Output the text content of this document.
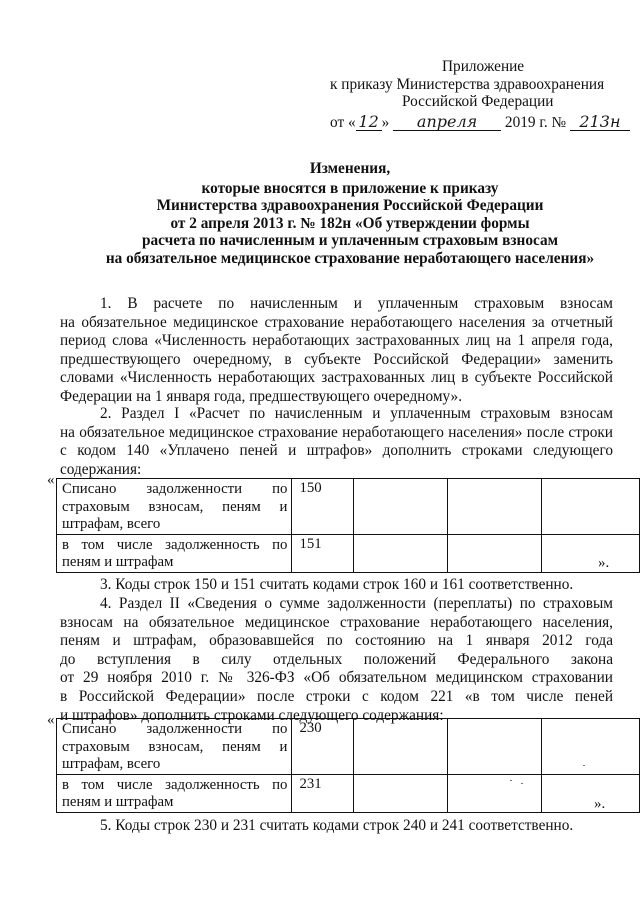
Приложение
к приказу Министерства здравоохранения
Российской Федерации
от « 12 » апреля 2019 г. № 213н
Изменения,
которые вносятся в приложение к приказу
Министерства здравоохранения Российской Федерации
от 2 апреля 2013 г. № 182н «Об утверждении формы
расчета по начисленным и уплаченным страховым взносам
на обязательное медицинское страхование неработающего населения»
1. В расчете по начисленным и уплаченным страховым взносам
на обязательное медицинское страхование неработающего населения за отчетный
период слова «Численность неработающих застрахованных лиц на 1 апреля года,
предшествующего очередному, в субъекте Российской Федерации» заменить
словами «Численность неработающих застрахованных лиц в субъекте Российской
Федерации на 1 января года, предшествующего очередному».
2. Раздел I «Расчет по начисленным и уплаченным страховым взносам
на обязательное медицинское страхование неработающего населения» после строки
с кодом 140 «Уплачено пеней и штрафов» дополнить строками следующего
содержания:
«
Списано задолженности по
страховым взносам, пеням и
штрафам, всего	150			

в том числе задолженность по
пеням и штрафам	151			
».
3. Коды строк 150 и 151 считать кодами строк 160 и 161 соответственно.
4. Раздел II «Сведения о сумме задолженности (переплаты) по страховым
взносам на обязательное медицинское страхование неработающего населения,
пеням и штрафам, образовавшейся по состоянию на 1 января 2012 года
до вступления в силу отдельных положений Федерального закона
от 29 ноября 2010 г. № 326-ФЗ «Об обязательном медицинском страховании
в Российской Федерации» после строки с кодом 221 «в том числе пеней
и штрафов» дополнить строками следующего содержания:
«
Списано задолженности по
страховым взносам, пеням и
штрафам, всего	230			

в том числе задолженность по
пеням и штрафам	231			
».
5. Коды строк 230 и 231 считать кодами строк 240 и 241 соответственно.
